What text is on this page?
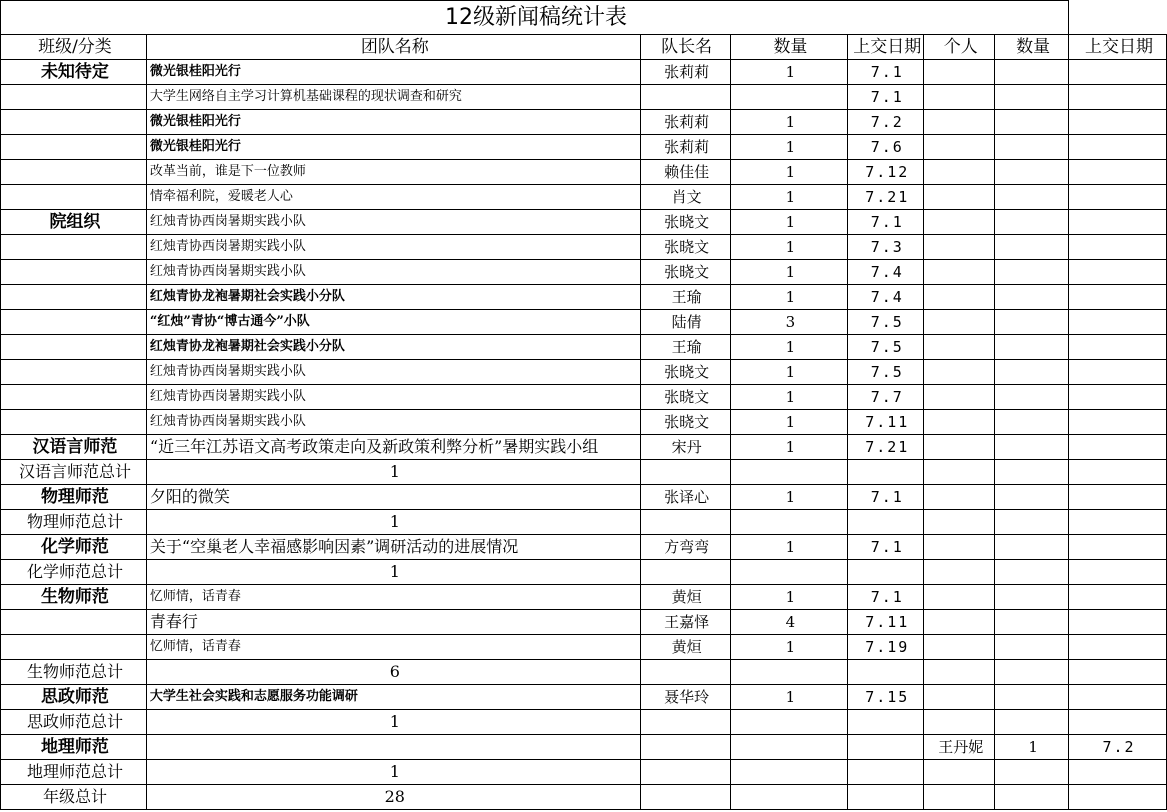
12级新闻稿统计表							
班级/分类	团队名称	队长名	数量	上交日期	个人	数量	上交日期
未知待定	微光银桂阳光行	张莉莉	1	7.1			
	大学生网络自主学习计算机基础课程的现状调查和研究			7.1			
	微光银桂阳光行	张莉莉	1	7.2			
	微光银桂阳光行	张莉莉	1	7.6			
	改革当前，谁是下一位教师	赖佳佳	1	7.12			
	情牵福利院，爱暖老人心	肖文	1	7.21			
院组织	红烛青协西岗暑期实践小队	张晓文	1	7.1			
	红烛青协西岗暑期实践小队	张晓文	1	7.3			
	红烛青协西岗暑期实践小队	张晓文	1	7.4			
	红烛青协龙袍暑期社会实践小分队	王瑜	1	7.4			
	“红烛”青协“博古通今”小队	陆倩	3	7.5			
	红烛青协龙袍暑期社会实践小分队	王瑜	1	7.5			
	红烛青协西岗暑期实践小队	张晓文	1	7.5			
	红烛青协西岗暑期实践小队	张晓文	1	7.7			
	红烛青协西岗暑期实践小队	张晓文	1	7.11			
汉语言师范	“近三年江苏语文高考政策走向及新政策利弊分析”暑期实践小组	宋丹	1	7.21			
汉语言师范总计	1						
物理师范	夕阳的微笑	张译心	1	7.1			
物理师范总计	1						
化学师范	关于“空巢老人幸福感影响因素”调研活动的进展情况	方弯弯	1	7.1			
化学师范总计	1						
生物师范	忆师情，话青春	黄烜	1	7.1			
	青春行	王嘉怿	4	7.11			
	忆师情，话青春	黄烜	1	7.19			
生物师范总计	6						
思政师范	大学生社会实践和志愿服务功能调研	聂华玲	1	7.15			
思政师范总计	1						
地理师范					王丹妮	1	7.2
地理师范总计	1						
年级总计	28						
